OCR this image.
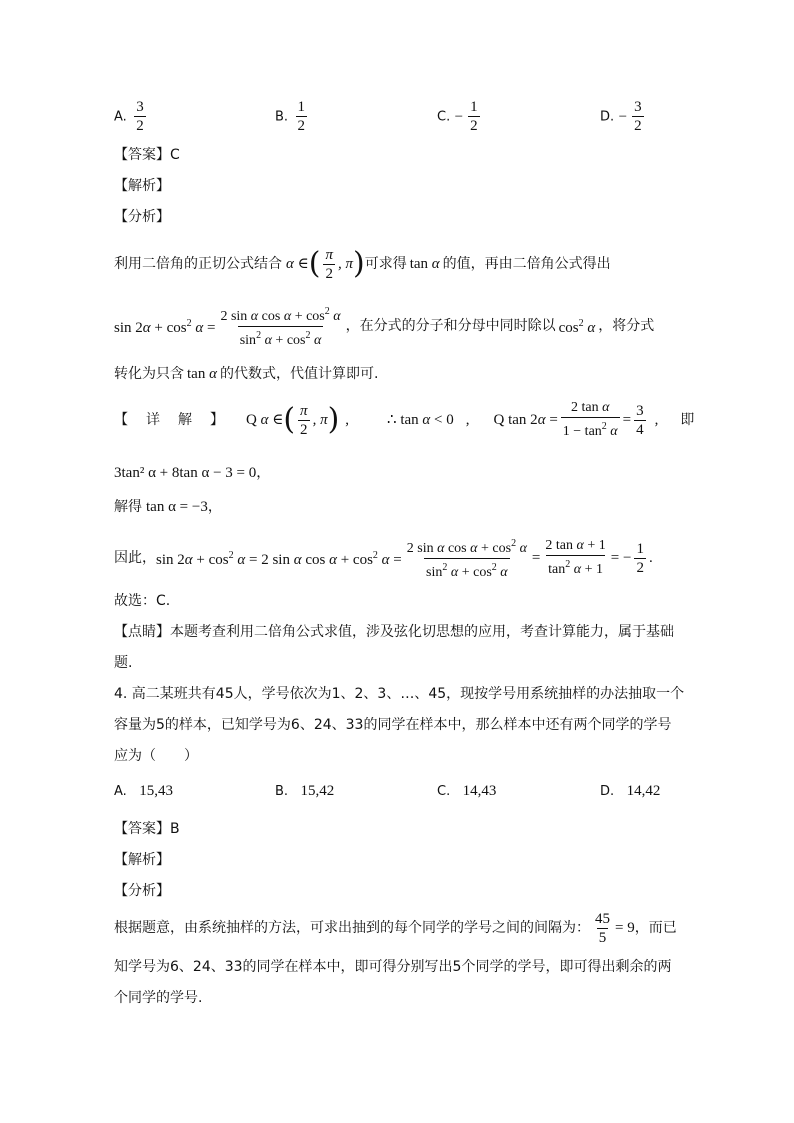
A. $\frac{3}{2}$	B. $\frac{1}{2}$	C. − $\frac{1}{2}$	D. − $\frac{3}{2}$
【答案】C
【解析】
【分析】
利用二倍角的正切公式结合 α ∈ ( $\frac{\pi}{2}$ , π ) 可求得 tan α 的值，再由二倍角公式得出
$\sin 2\alpha + \cos^2 \alpha = \frac{2 \sin \alpha \cos \alpha + \cos^2 \alpha}{\sin^2 \alpha + \cos^2 \alpha}$ ，在分式的分子和分母中同时除以 $\cos^2 \alpha$ ，将分式
转化为只含 tan α 的代数式，代值计算即可.
【详解】 Q α ∈ ( $\frac{\pi}{2}$ , π ) ,	∴ tan α < 0 , Q $\tan 2\alpha = \frac{\text{2 tan α}}{1 - \tan^2 \alpha} = \frac{3}{4}$ , 即
3tan² α + 8tan α − 3 = 0，
解得 tan α = −3，
因此， $\sin 2\alpha + \cos^2 \alpha = 2$ sin α $\cos \alpha + \cos^2 \alpha = \frac{2 \sin \alpha \cos \alpha + \cos^2 \alpha}{\sin^2 \alpha + \cos^2 \alpha} = \frac{\text{2 tan α + 1}}{\tan^2 \alpha + 1}$ = − $\frac{1}{2}$ .
故选：C.
【点睛】本题考查利用二倍角公式求值，涉及弦化切思想的应用，考查计算能力，属于基础
题.
4. 高二某班共有45人，学号依次为1、2、3、…、45，现按学号用系统抽样的办法抽取一个
容量为5的样本，已知学号为6、24、33的同学在样本中，那么样本中还有两个同学的学号
应为（　　）
A. 15,43	B. 15,42	C. 14,43	D. 14,42
【答案】B
【解析】
【分析】
根据题意，由系统抽样的方法，可求出抽到的每个同学的学号之间的间隔为： $\frac{45}{5} = 9$ ，而已
知学号为6、24、33的同学在样本中，即可得分别写出5个同学的学号，即可得出剩余的两
个同学的学号.
